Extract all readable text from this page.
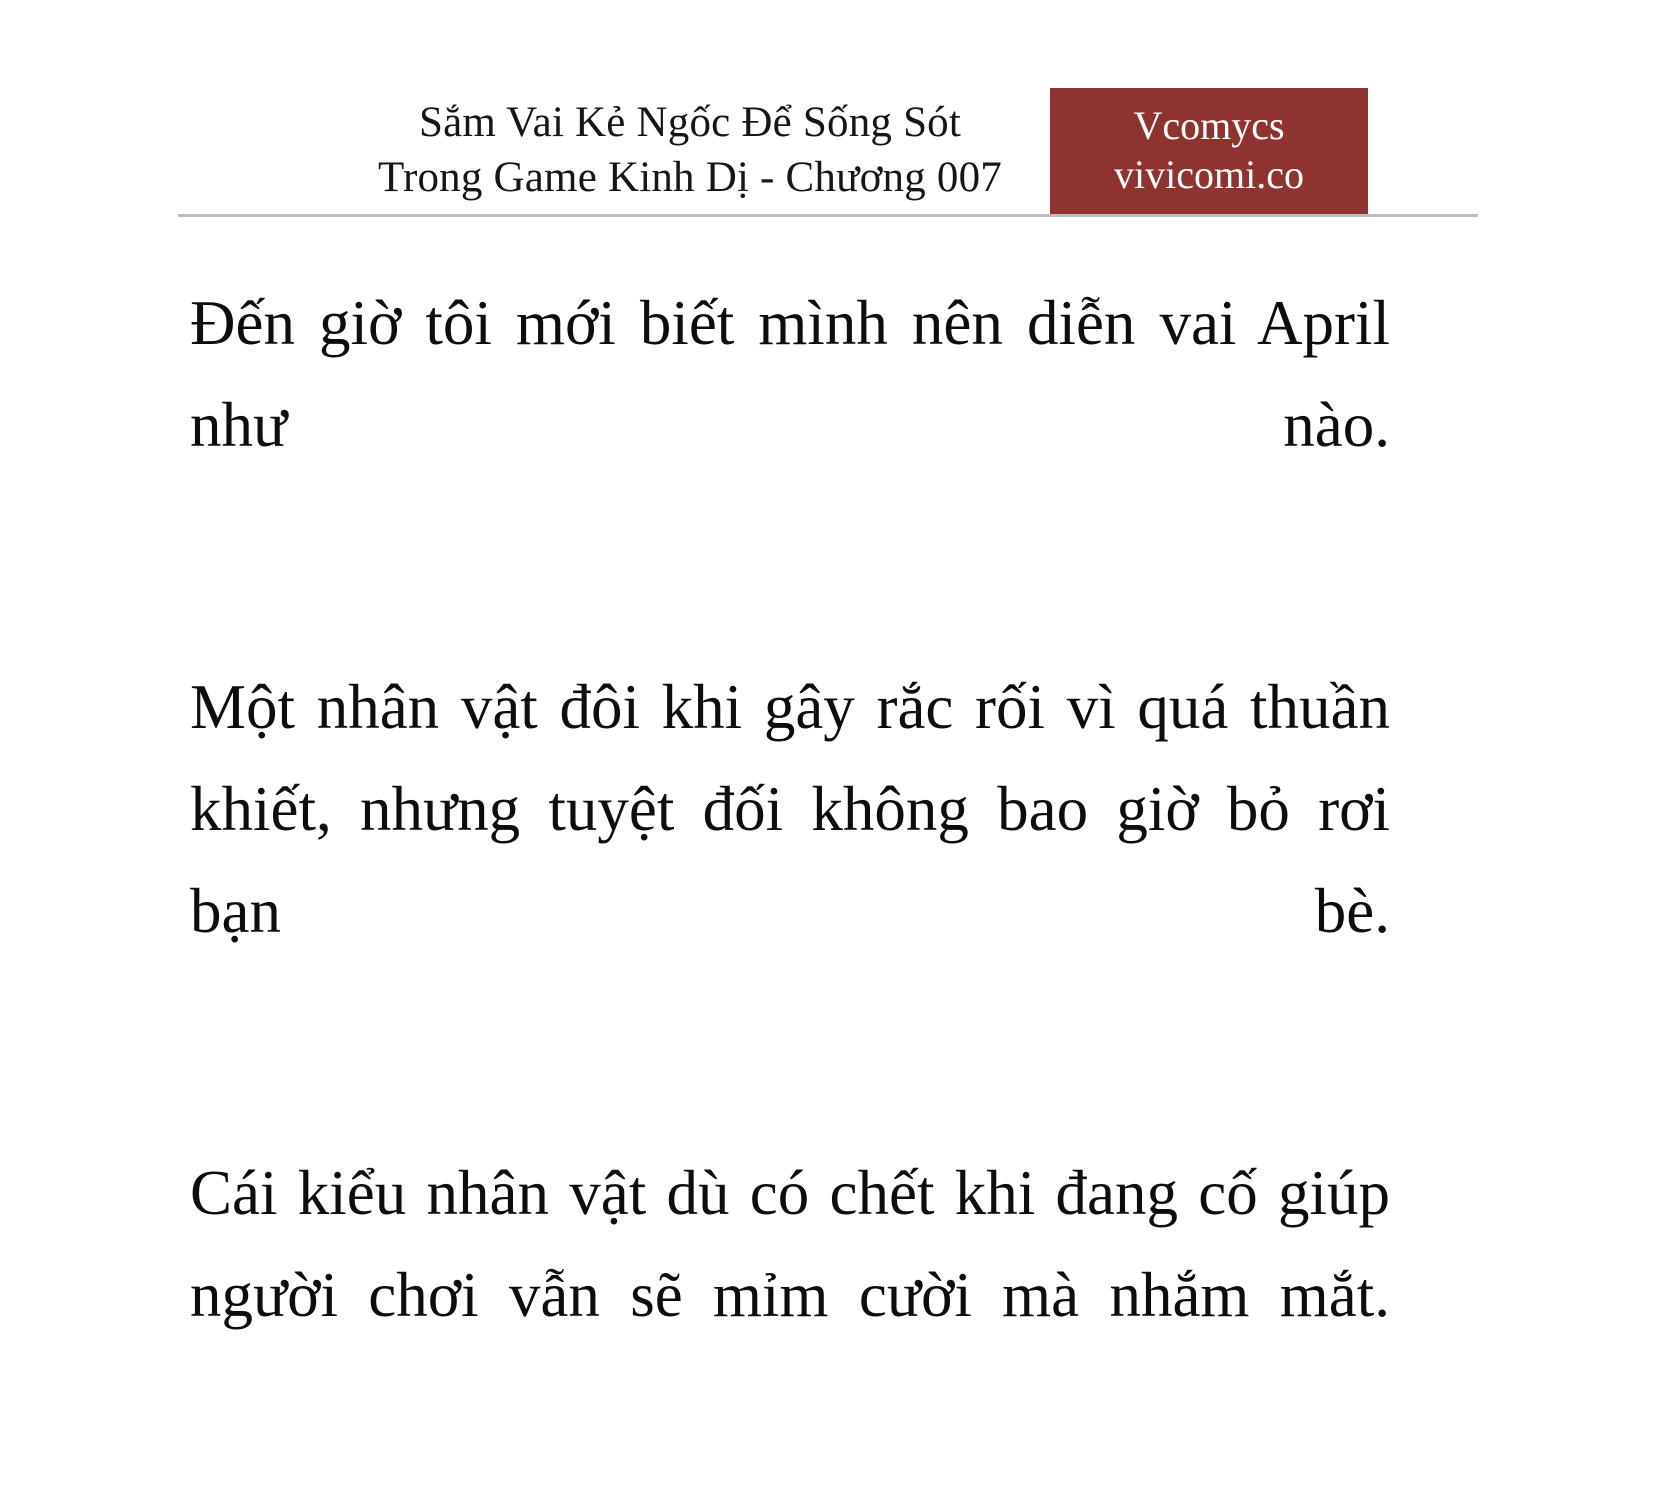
Sắm Vai Kẻ Ngốc Để Sống Sót
Trong Game Kinh Dị - Chương 007
Vcomycs
vivicomi.co

Đến giờ tôi mới biết mình nên diễn vai April như nào.

Một nhân vật đôi khi gây rắc rối vì quá thuần khiết, nhưng tuyệt đối không bao giờ bỏ rơi bạn bè.

Cái kiểu nhân vật dù có chết khi đang cố giúp người chơi vẫn sẽ mỉm cười mà nhắm mắt.
